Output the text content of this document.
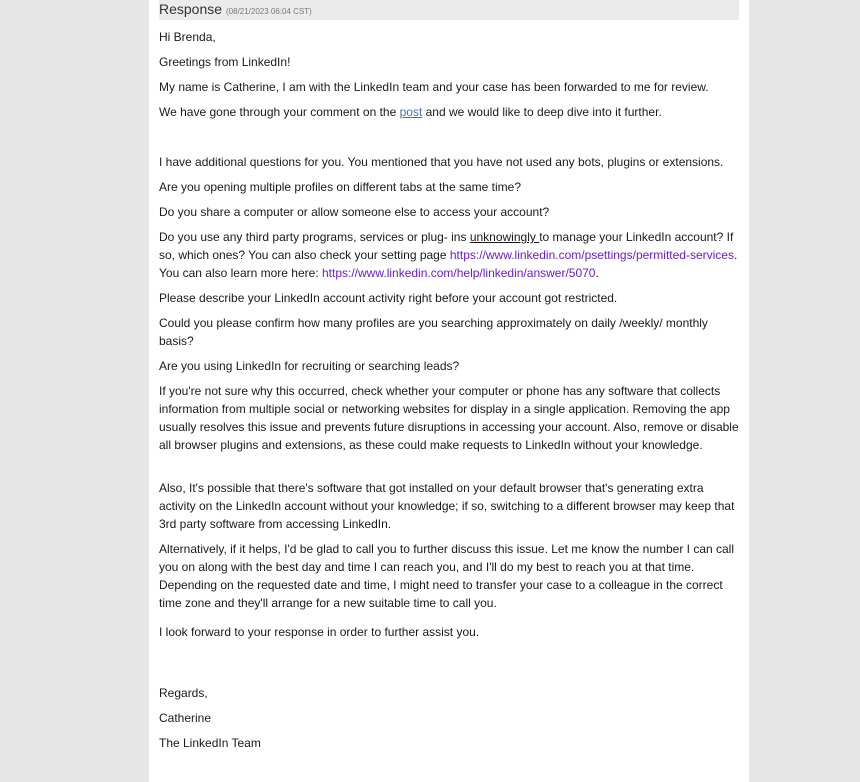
Response (08/21/2023 06:04 CST)

Hi Brenda,

Greetings from LinkedIn!

My name is Catherine, I am with the LinkedIn team and your case has been forwarded to me for review.

We have gone through your comment on the post and we would like to deep dive into it further.

I have additional questions for you. You mentioned that you have not used any bots, plugins or extensions.

Are you opening multiple profiles on different tabs at the same time?

Do you share a computer or allow someone else to access your account?

Do you use any third party programs, services or plug- ins unknowingly to manage your LinkedIn account? If so, which ones? You can also check your setting page https://www.linkedin.com/psettings/permitted-services. You can also learn more here: https://www.linkedin.com/help/linkedin/answer/5070.

Please describe your LinkedIn account activity right before your account got restricted.

Could you please confirm how many profiles are you searching approximately on daily /weekly/ monthly basis?

Are you using LinkedIn for recruiting or searching leads?

If you're not sure why this occurred, check whether your computer or phone has any software that collects information from multiple social or networking websites for display in a single application. Removing the app usually resolves this issue and prevents future disruptions in accessing your account. Also, remove or disable all browser plugins and extensions, as these could make requests to LinkedIn without your knowledge.

Also, It's possible that there's software that got installed on your default browser that's generating extra activity on the LinkedIn account without your knowledge; if so, switching to a different browser may keep that 3rd party software from accessing LinkedIn.

Alternatively, if it helps, I'd be glad to call you to further discuss this issue. Let me know the number I can call you on along with the best day and time I can reach you, and I'll do my best to reach you at that time. Depending on the requested date and time, I might need to transfer your case to a colleague in the correct time zone and they'll arrange for a new suitable time to call you.

I look forward to your response in order to further assist you.

Regards,

Catherine

The LinkedIn Team
